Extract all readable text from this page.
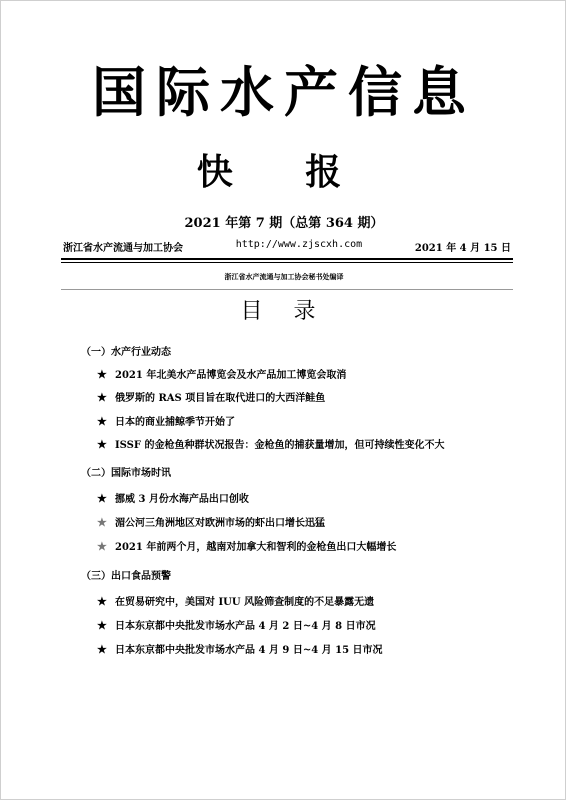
国际水产信息
快 报
2021 年第 7 期（总第 364 期）
浙江省水产流通与加工协会	http://www.zjscxh.com	2021 年 4 月 15 日
浙江省水产流通与加工协会秘书处编译
目 录
（一）水产行业动态
★ 2021 年北美水产品博览会及水产品加工博览会取消
★ 俄罗斯的 RAS 项目旨在取代进口的大西洋鲑鱼
★ 日本的商业捕鲸季节开始了
★ ISSF 的金枪鱼种群状况报告：金枪鱼的捕获量增加，但可持续性变化不大
（二）国际市场时讯
★ 挪威 3 月份水海产品出口创收
★ 湄公河三角洲地区对欧洲市场的虾出口增长迅猛
★ 2021 年前两个月，越南对加拿大和智利的金枪鱼出口大幅增长
（三）出口食品预警
★ 在贸易研究中，美国对 IUU 风险筛查制度的不足暴露无遗
★ 日本东京都中央批发市场水产品 4 月 2 日~4 月 8 日市况
★ 日本东京都中央批发市场水产品 4 月 9 日~4 月 15 日市况
